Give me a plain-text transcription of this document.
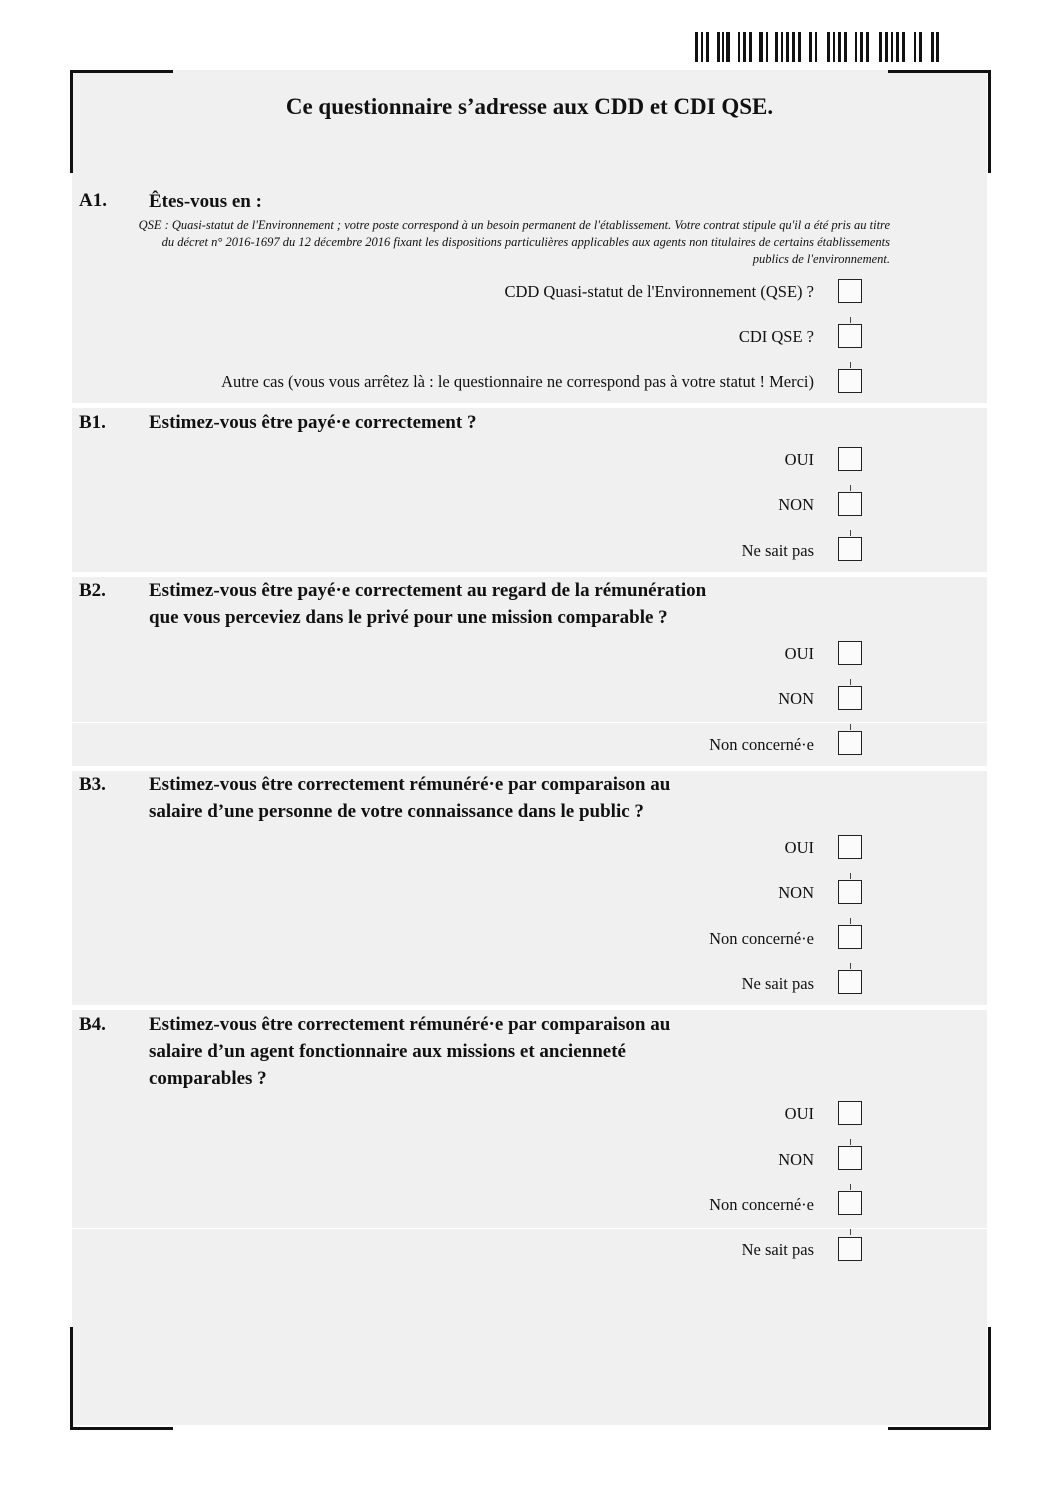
Ce questionnaire s’adresse aux CDD et CDI QSE.
A1. Êtes-vous en :
QSE : Quasi-statut de l'Environnement ; votre poste correspond à un besoin permanent de l'établissement. Votre contrat stipule qu'il a été pris au titre
du décret n° 2016-1697 du 12 décembre 2016 fixant les dispositions particulières applicables aux agents non titulaires de certains établissements
publics de l'environnement.
CDD Quasi-statut de l'Environnement (QSE) ?
CDI QSE ?
Autre cas (vous vous arrêtez là : le questionnaire ne correspond pas à votre statut ! Merci)
B1. Estimez-vous être payé·e correctement ?
OUI
NON
Ne sait pas
B2. Estimez-vous être payé·e correctement au regard de la rémunération
que vous perceviez dans le privé pour une mission comparable ?
OUI
NON
Non concerné·e
B3. Estimez-vous être correctement rémunéré·e par comparaison au
salaire d’une personne de votre connaissance dans le public ?
OUI
NON
Non concerné·e
Ne sait pas
B4. Estimez-vous être correctement rémunéré·e par comparaison au
salaire d’un agent fonctionnaire aux missions et ancienneté
comparables ?
OUI
NON
Non concerné·e
Ne sait pas
